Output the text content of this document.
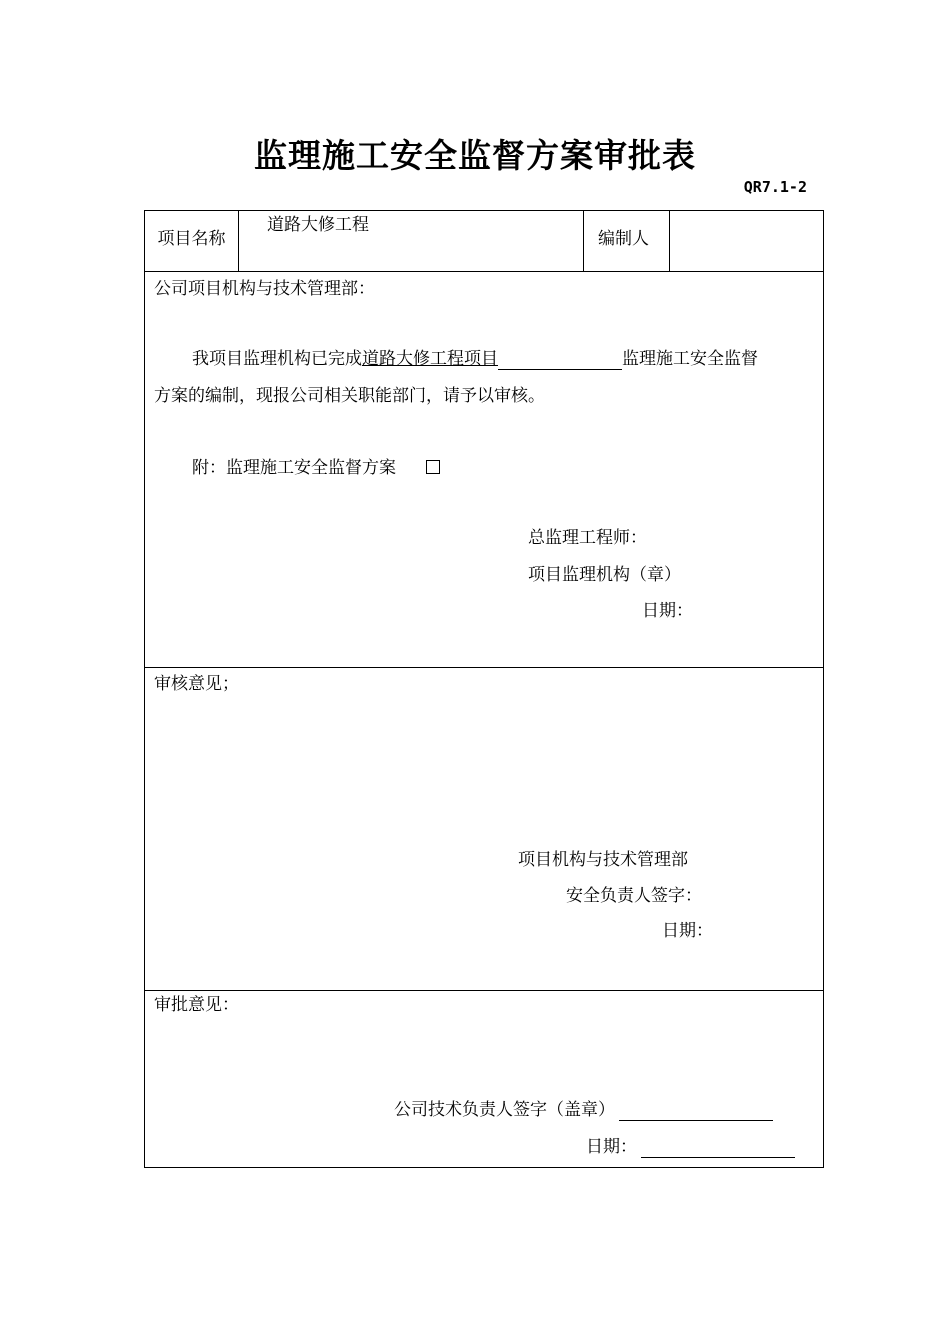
监理施工安全监督方案审批表
QR7.1-2
项目名称
道路大修工程
编制人
公司项目机构与技术管理部：
我项目监理机构已完成道路大修工程项目	监理施工安全监督
方案的编制，现报公司相关职能部门，请予以审核。
附：监理施工安全监督方案
总监理工程师：
项目监理机构（章）
日期：
审核意见；
项目机构与技术管理部
安全负责人签字：
日期：
审批意见：
公司技术负责人签字（盖章）
日期：
